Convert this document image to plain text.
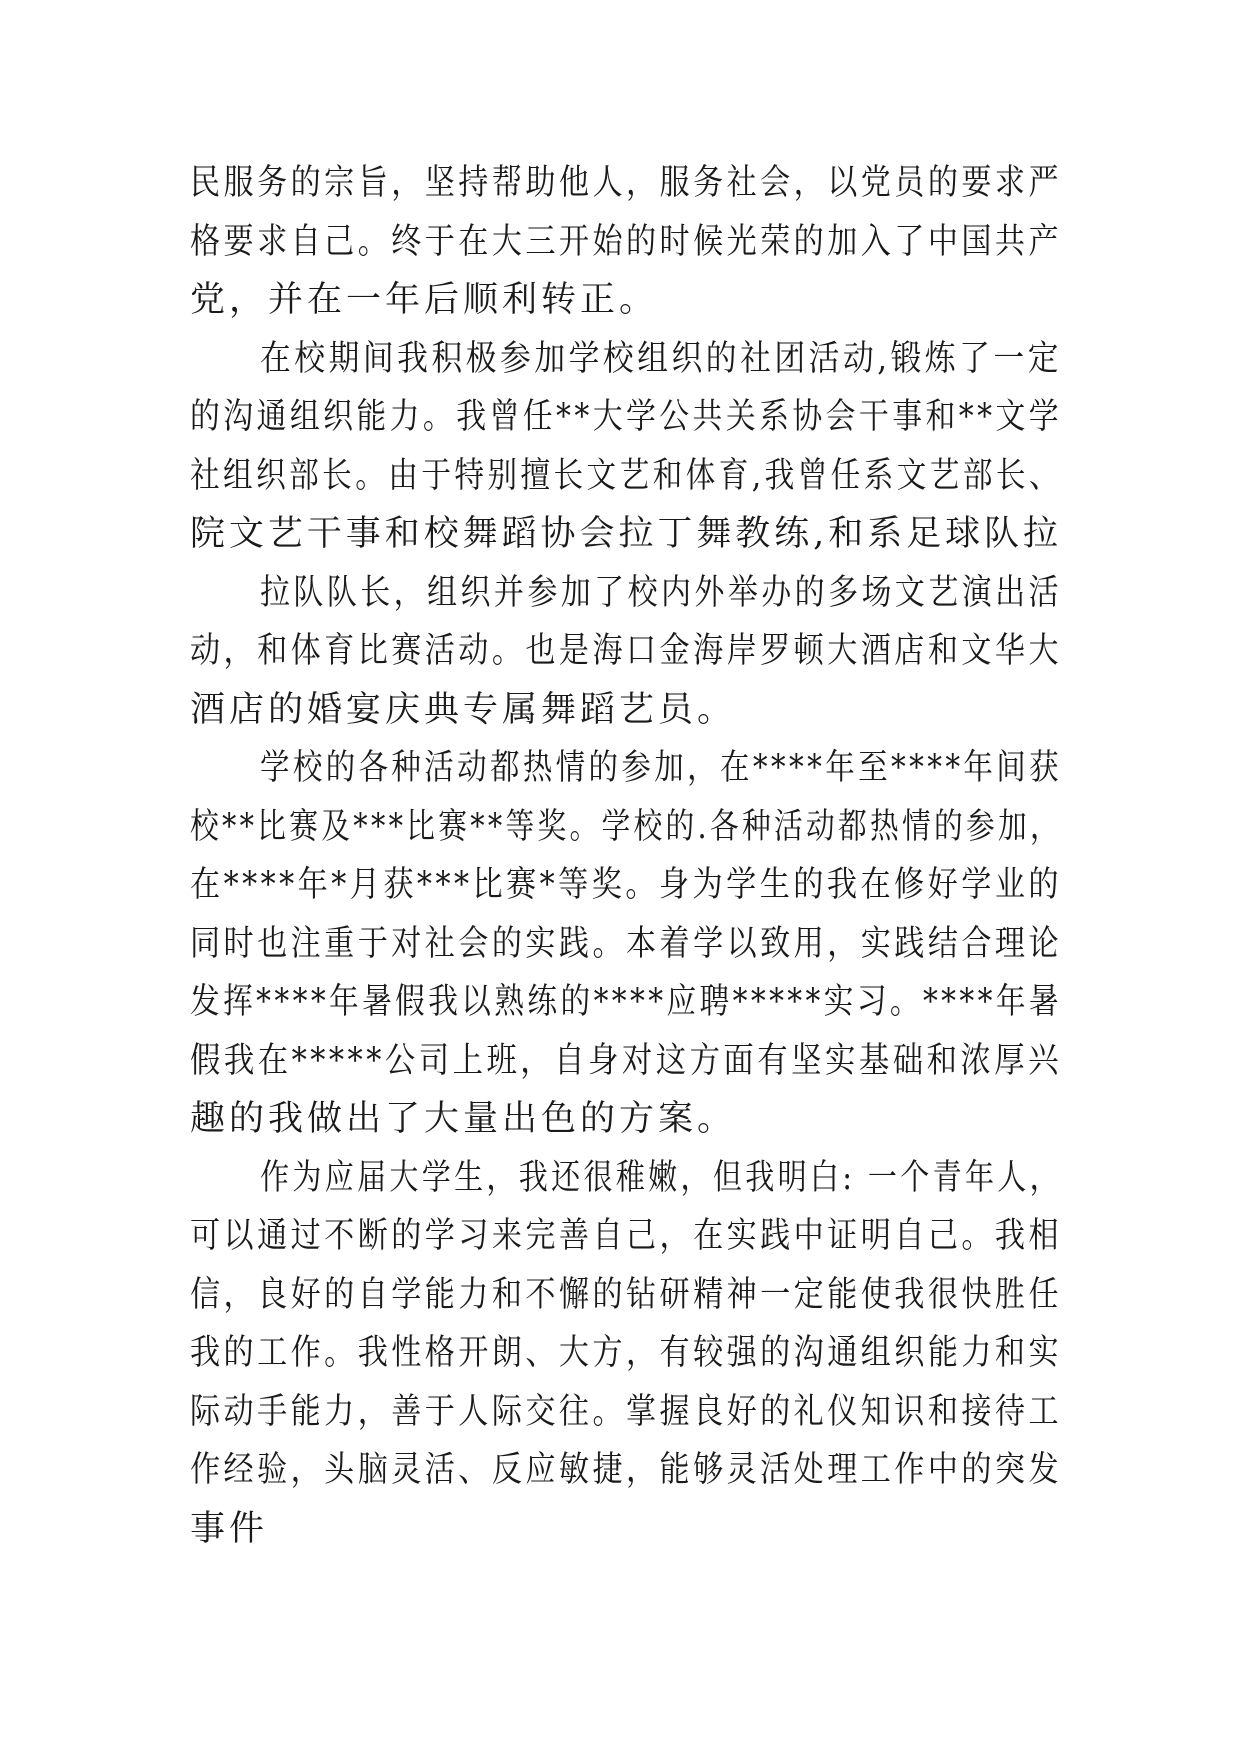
民服务的宗旨，坚持帮助他人，服务社会，以党员的要求严
格要求自己。终于在大三开始的时候光荣的加入了中国共产
党，并在一年后顺利转正。
在校期间我积极参加学校组织的社团活动,锻炼了一定
的沟通组织能力。我曾任**大学公共关系协会干事和**文学
社组织部长。由于特别擅长文艺和体育,我曾任系文艺部长、
院文艺干事和校舞蹈协会拉丁舞教练,和系足球队拉
拉队队长，组织并参加了校内外举办的多场文艺演出活
动，和体育比赛活动。也是海口金海岸罗顿大酒店和文华大
酒店的婚宴庆典专属舞蹈艺员。
学校的各种活动都热情的参加，在****年至****年间获
校**比赛及***比赛**等奖。学校的.各种活动都热情的参加，
在****年*月获***比赛*等奖。身为学生的我在修好学业的
同时也注重于对社会的实践。本着学以致用，实践结合理论
发挥****年暑假我以熟练的****应聘*****实习。****年暑
假我在*****公司上班，自身对这方面有坚实基础和浓厚兴
趣的我做出了大量出色的方案。
作为应届大学生，我还很稚嫩，但我明白: 一个青年人，
可以通过不断的学习来完善自己，在实践中证明自己。我相
信，良好的自学能力和不懈的钻研精神一定能使我很快胜任
我的工作。我性格开朗、大方，有较强的沟通组织能力和实
际动手能力，善于人际交往。掌握良好的礼仪知识和接待工
作经验，头脑灵活、反应敏捷，能够灵活处理工作中的突发
事件
